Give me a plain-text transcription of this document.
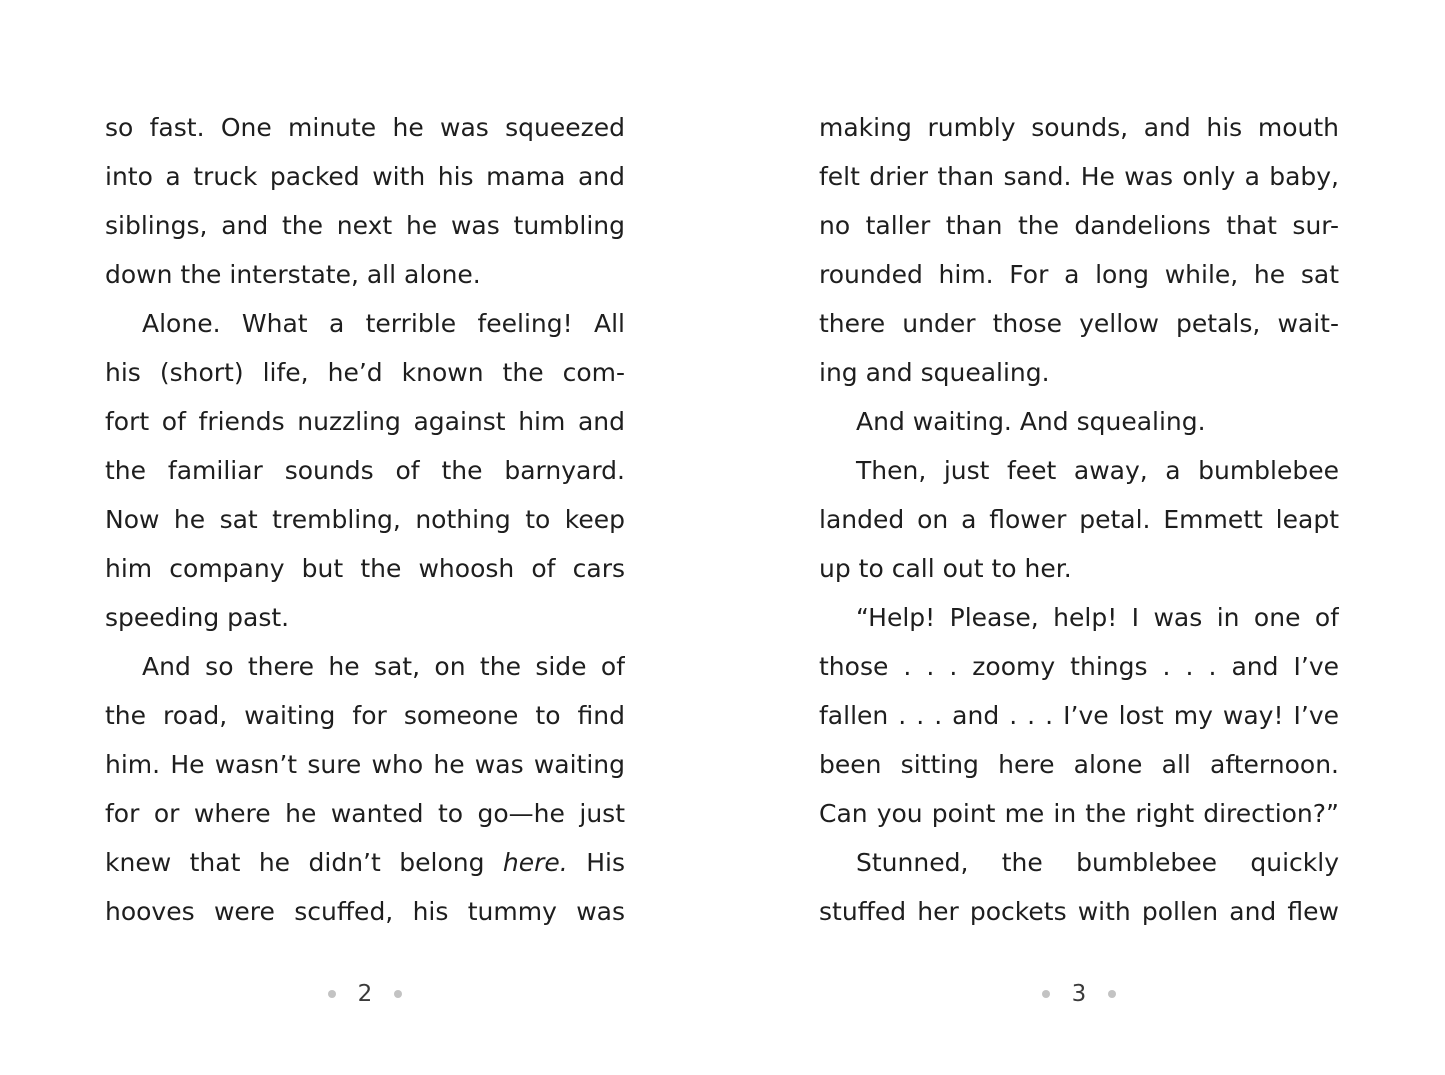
so fast. One minute he was squeezed
into a truck packed with his mama and
siblings, and the next he was tumbling
down the interstate, all alone.
Alone. What a terrible feeling! All
his (short) life, he’d known the com-
fort of friends nuzzling against him and
the familiar sounds of the barnyard.
Now he sat trembling, nothing to keep
him company but the whoosh of cars
speeding past.
And so there he sat, on the side of
the road, waiting for someone to find
him. He wasn’t sure who he was waiting
for or where he wanted to go—he just
knew that he didn’t belong here. His
hooves were scuffed, his tummy was
2
making rumbly sounds, and his mouth
felt drier than sand. He was only a baby,
no taller than the dandelions that sur-
rounded him. For a long while, he sat
there under those yellow petals, wait-
ing and squealing.
And waiting. And squealing.
Then, just feet away, a bumblebee
landed on a flower petal. Emmett leapt
up to call out to her.
“Help! Please, help! I was in one of
those . . . zoomy things . . . and I’ve
fallen . . . and . . . I’ve lost my way! I’ve
been sitting here alone all afternoon.
Can you point me in the right direction?”
Stunned, the bumblebee quickly
stuffed her pockets with pollen and flew
3
